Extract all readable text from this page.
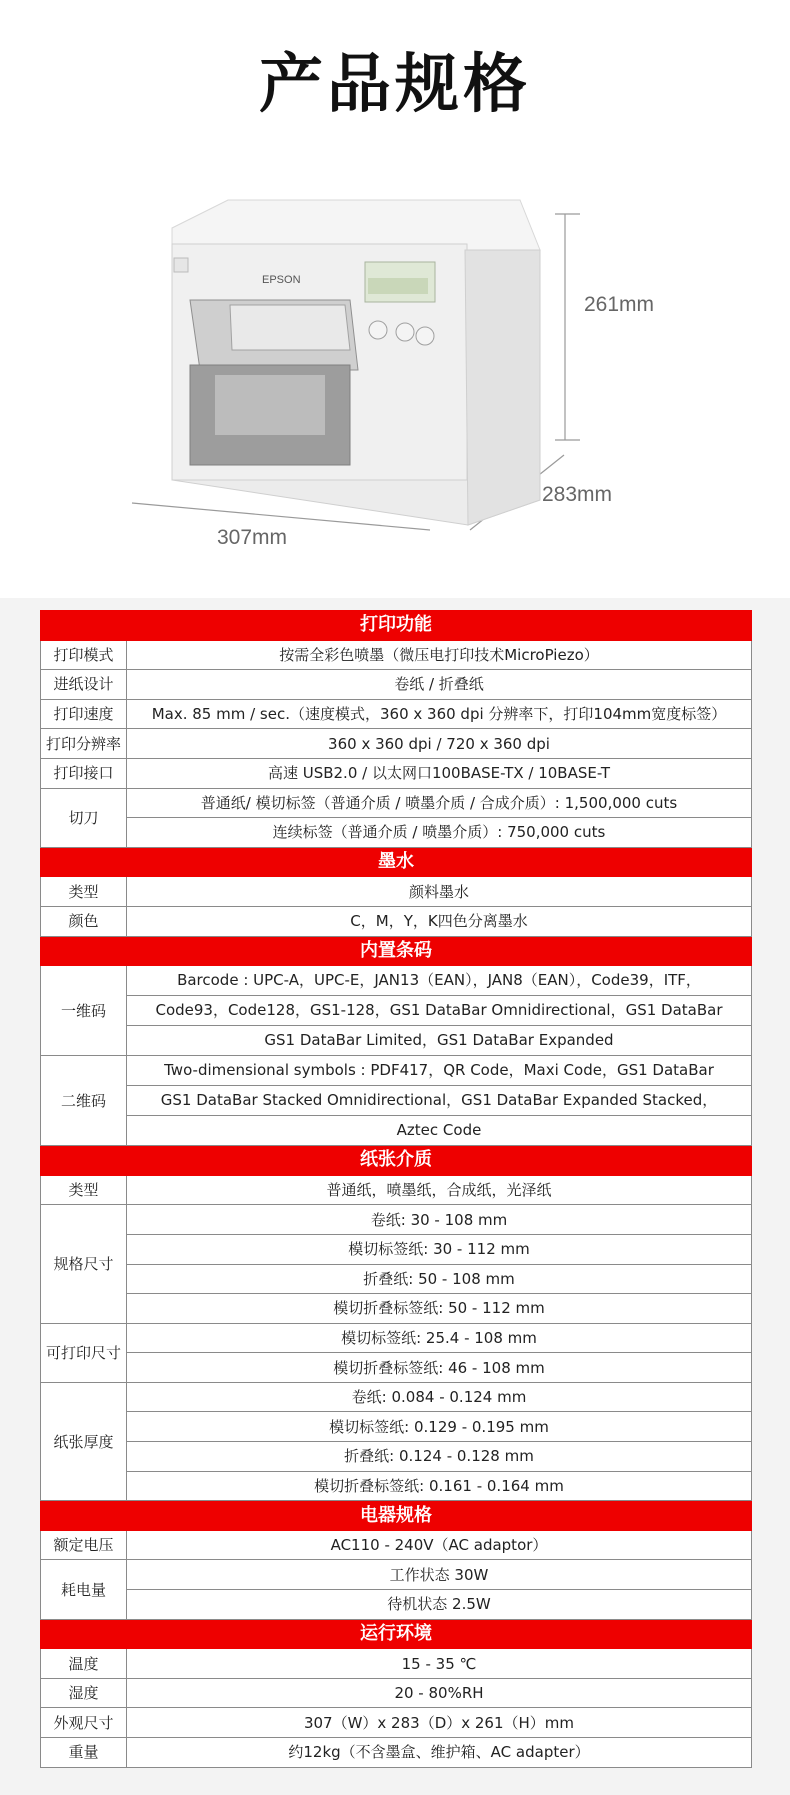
产品规格
EPSON
261mm
283mm
307mm
打印功能	
打印模式	按需全彩色喷墨（微压电打印技术MicroPiezo）
进纸设计	卷纸 / 折叠纸
打印速度	Max. 85 mm / sec.（速度模式，360 x 360 dpi 分辨率下，打印104mm宽度标签）
打印分辨率	360 x 360 dpi / 720 x 360 dpi
打印接口	高速 USB2.0 / 以太网口100BASE-TX / 10BASE-T
切刀	普通纸/ 模切标签（普通介质 / 喷墨介质 / 合成介质）: 1,500,000 cuts
	连续标签（普通介质 / 喷墨介质）: 750,000 cuts
墨水	
类型	颜料墨水
颜色	C，M，Y，K四色分离墨水
内置条码	
一维码	Barcode : UPC-A，UPC-E，JAN13（EAN），JAN8（EAN），Code39，ITF，
Code93，Code128，GS1-128，GS1 DataBar Omnidirectional，GS1 DataBar
GS1 DataBar Limited，GS1 DataBar Expanded

二维码	Two-dimensional symbols : PDF417，QR Code，Maxi Code，GS1 DataBar
GS1 DataBar Stacked Omnidirectional，GS1 DataBar Expanded Stacked，
Aztec Code

纸张介质	
类型	普通纸，喷墨纸，合成纸，光泽纸
规格尺寸	卷纸: 30 - 108 mm
	模切标签纸: 30 - 112 mm
	折叠纸: 50 - 108 mm
	模切折叠标签纸: 50 - 112 mm
可打印尺寸	模切标签纸: 25.4 - 108 mm
	模切折叠标签纸: 46 - 108 mm
纸张厚度	卷纸: 0.084 - 0.124 mm
	模切标签纸: 0.129 - 0.195 mm
	折叠纸: 0.124 - 0.128 mm
	模切折叠标签纸: 0.161 - 0.164 mm
电器规格	
额定电压	AC110 - 240V（AC adaptor）
耗电量	工作状态 30W
	待机状态 2.5W
运行环境	
温度	15 - 35 ℃
湿度	20 - 80%RH
外观尺寸	307（W）x 283（D）x 261（H）mm
重量	约12kg（不含墨盒、维护箱、AC adapter）
